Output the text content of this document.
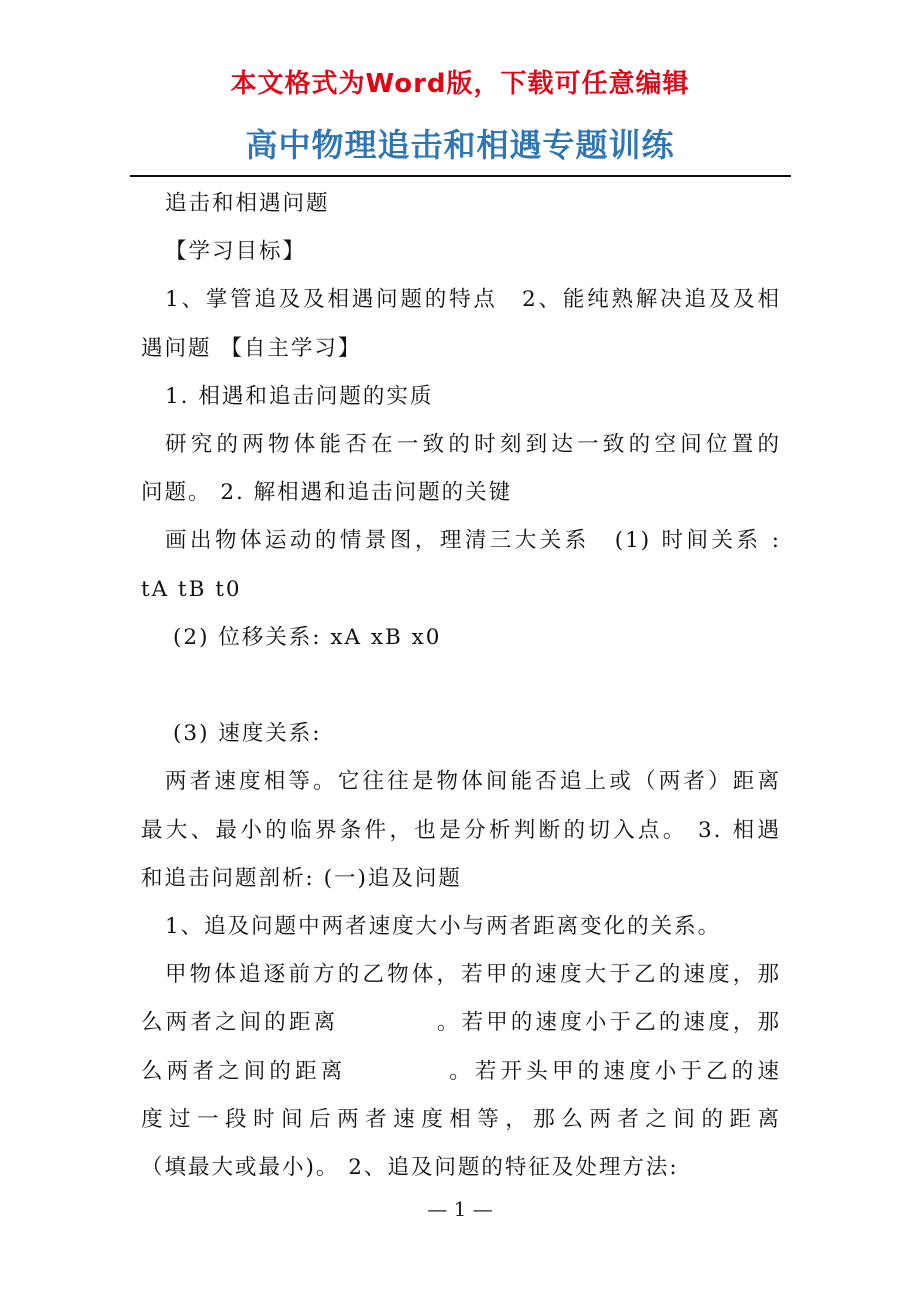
本文格式为Word版，下载可任意编辑
高中物理追击和相遇专题训练

追击和相遇问题

【学习目标】

1、掌管追及及相遇问题的特点　2、能纯熟解决追及及相

遇问题 【自主学习】

1. 相遇和追击问题的实质

研究的两物体能否在一致的时刻到达一致的空间位置的

问题。 2. 解相遇和追击问题的关键

画出物体运动的情景图，理清三大关系　(1) 时间关系 :

tA tB t0

(2) 位移关系: xA xB x0

(3) 速度关系:

两者速度相等。它往往是物体间能否追上或（两者）距离

最大、最小的临界条件，也是分析判断的切入点。 3. 相遇

和追击问题剖析: (一)追及问题

1、追及问题中两者速度大小与两者距离变化的关系。

甲物体追逐前方的乙物体，若甲的速度大于乙的速度，那

么两者之间的距离　　　　。若甲的速度小于乙的速度，那

么两者之间的距离　　　　。若开头甲的速度小于乙的速

度过一段时间后两者速度相等，那么两者之间的距离

（填最大或最小)。 2、追及问题的特征及处理方法:

— 1 —
